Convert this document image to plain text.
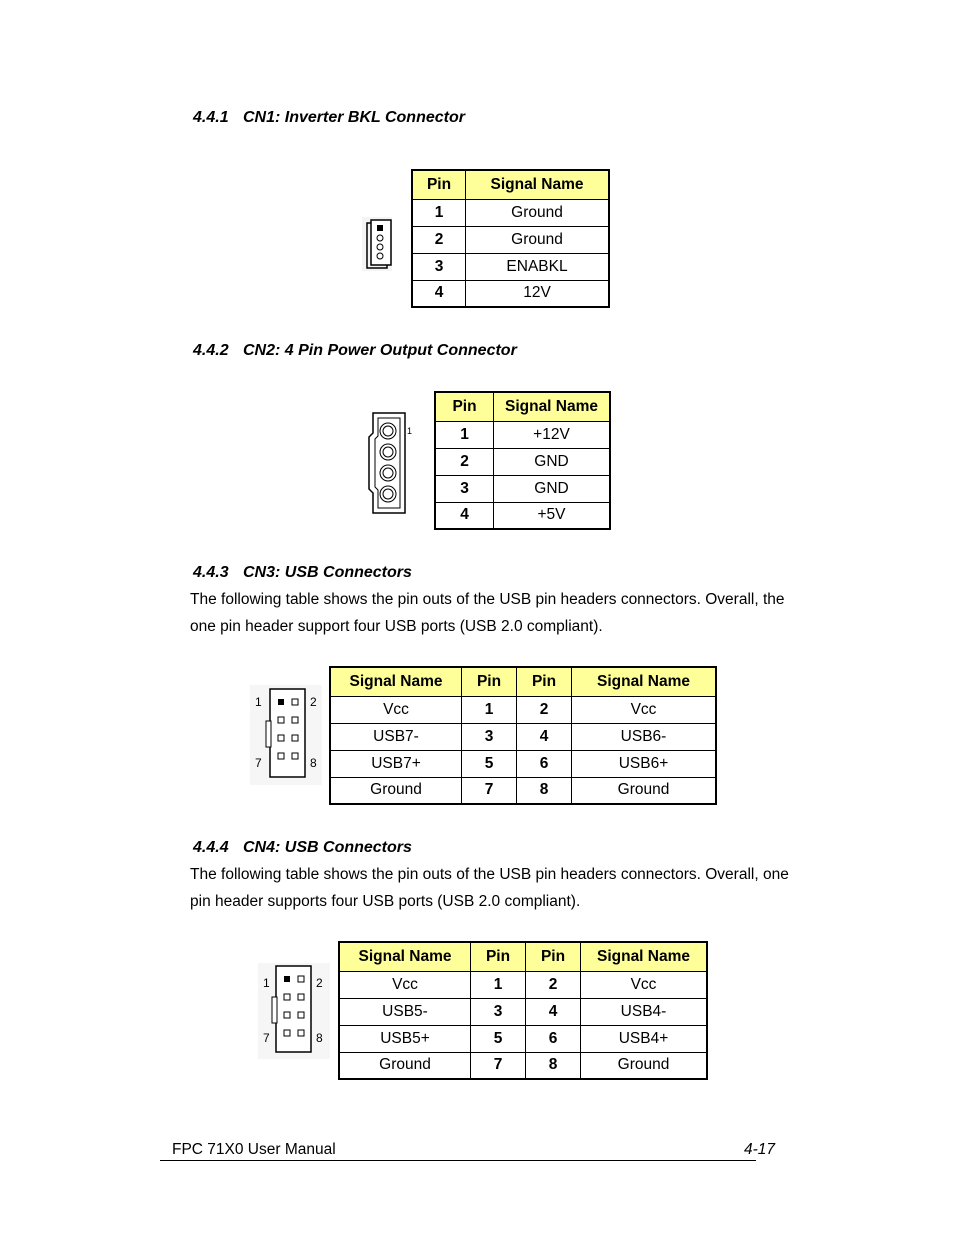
4.4.1 CN1: Inverter BKL Connector
Pin	Signal Name
1	Ground
2	Ground
3	ENABKL
4	12V
4.4.2 CN2: 4 Pin Power Output Connector
1
Pin	Signal Name
1	+12V
2	GND
3	GND
4	+5V
4.4.3 CN3: USB Connectors
The following table shows the pin outs of the USB pin headers connectors. Overall, the one pin header support four USB ports (USB 2.0 compliant).
1	2
7	8
Signal Name	Pin	Pin	Signal Name
Vcc	1	2	Vcc
USB7-	3	4	USB6-
USB7+	5	6	USB6+
Ground	7	8	Ground
4.4.4 CN4: USB Connectors
The following table shows the pin outs of the USB pin headers connectors. Overall, one pin header supports four USB ports (USB 2.0 compliant).
1	2
7	8
Signal Name	Pin	Pin	Signal Name
Vcc	1	2	Vcc
USB5-	3	4	USB4-
USB5+	5	6	USB4+
Ground	7	8	Ground
FPC 71X0 User Manual	4-17
